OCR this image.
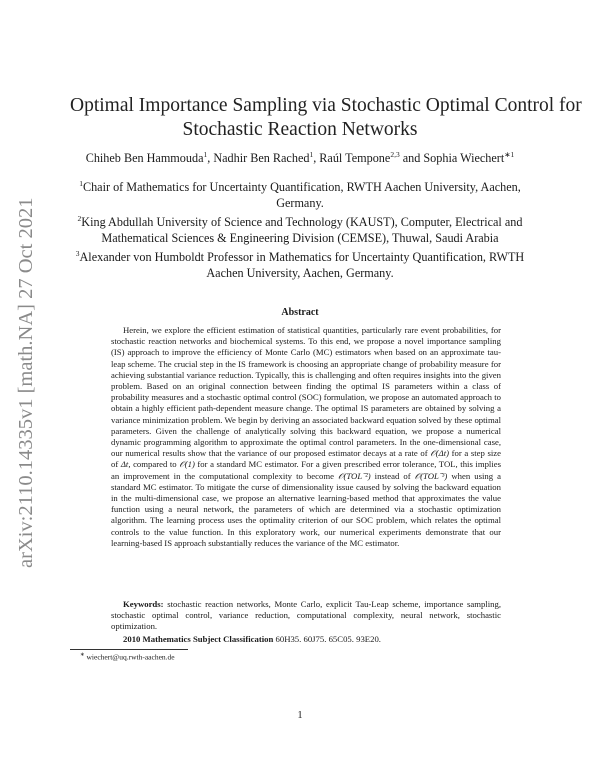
arXiv:2110.14335v1 [math.NA] 27 Oct 2021
Optimal Importance Sampling via Stochastic Optimal Control for
Stochastic Reaction Networks
Chiheb Ben Hammouda$^1$, Nadhir Ben Rached$^1$, Raúl Tempone$^{2,3}$ and Sophia Wiechert$^{∗1}$

$^1$Chair of Mathematics for Uncertainty Quantification, RWTH Aachen University, Aachen, Germany.

$^2$King Abdullah University of Science and Technology (KAUST), Computer, Electrical and Mathematical Sciences & Engineering Division (CEMSE), Thuwal, Saudi Arabia

$^3$Alexander von Humboldt Professor in Mathematics for Uncertainty Quantification, RWTH Aachen University, Aachen, Germany.

Abstract

Herein, we explore the efficient estimation of statistical quantities, particularly rare event probabilities, for stochastic reaction networks and biochemical systems. To this end, we propose a novel importance sampling (IS) approach to improve the efficiency of Monte Carlo (MC) estimators when based on an approximate tau-leap scheme. The crucial step in the IS framework is choosing an appropriate change of probability measure for achieving substantial variance reduction. Typically, this is challenging and often requires insights into the given problem. Based on an original connection between finding the optimal IS parameters within a class of probability measures and a stochastic optimal control (SOC) formulation, we propose an automated approach to obtain a highly efficient path-dependent measure change. The optimal IS parameters are obtained by solving a variance minimization problem. We begin by deriving an associated backward equation solved by these optimal parameters. Given the challenge of analytically solving this backward equation, we propose a numerical dynamic programming algorithm to approximate the optimal control parameters. In the one-dimensional case, our numerical results show that the variance of our proposed estimator decays at a rate of 𝒪(Δt) for a step size of Δt, compared to 𝒪(1) for a standard MC estimator. For a given prescribed error tolerance, TOL, this implies an improvement in the computational complexity to become 𝒪(TOL⁻²) instead of 𝒪(TOL⁻³) when using a standard MC estimator. To mitigate the curse of dimensionality issue caused by solving the backward equation in the multi-dimensional case, we propose an alternative learning-based method that approximates the value function using a neural network, the parameters of which are determined via a stochastic optimization algorithm. The learning process uses the optimality criterion of our SOC problem, which relates the optimal controls to the value function. In this exploratory work, our numerical experiments demonstrate that our learning-based IS approach substantially reduces the variance of the MC estimator.

Keywords: stochastic reaction networks, Monte Carlo, explicit Tau-Leap scheme, importance sampling, stochastic optimal control, variance reduction, computational complexity, neural network, stochastic optimization.

2010 Mathematics Subject Classification 60H35. 60J75. 65C05. 93E20.

∗ wiechert@uq.rwth-aachen.de
1
